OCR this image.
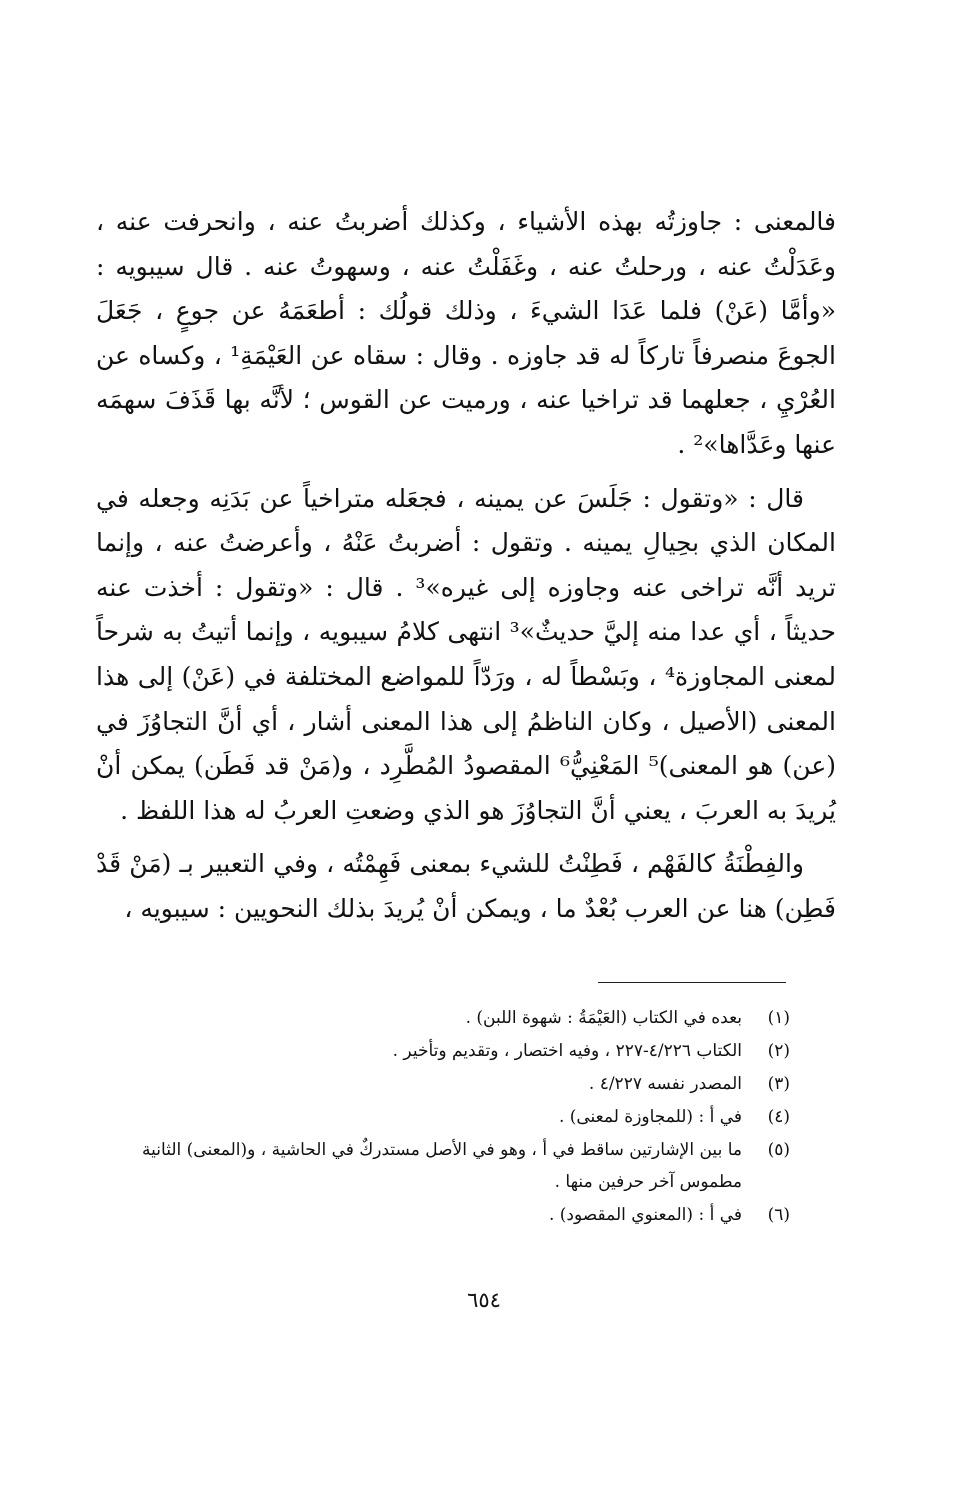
فالمعنى : جاوزتُه بهذه الأشياء ، وكذلك أضربتُ عنه ، وانحرفت عنه ، وعَدَلْتُ عنه ، ورحلتُ عنه ، وغَفَلْتُ عنه ، وسهوتُ عنه . قال سيبويه : «وأمَّا (عَنْ) فلما عَدَا الشيءَ ، وذلك قولُك : أطعَمَهُ عن جوعٍ ، جَعَلَ الجوعَ منصرفاً تاركاً له قد جاوزه . وقال : سقاه عن العَيْمَةِ¹ ، وكساه عن العُرْيِ ، جعلهما قد تراخيا عنه ، ورميت عن القوس ؛ لأنَّه بها قَذَفَ سهمَه عنها وعَدَّاها»² .

قال : «وتقول : جَلَسَ عن يمينه ، فجعَله متراخياً عن بَدَنِه وجعله في المكان الذي بحِيالِ يمينه . وتقول : أضربتُ عَنْهُ ، وأعرضتُ عنه ، وإنما تريد أنَّه تراخى عنه وجاوزه إلى غيره»³ . قال : «وتقول : أخذت عنه حديثاً ، أي عدا منه إليَّ حديثٌ»³ انتهى كلامُ سيبويه ، وإنما أتيتُ به شرحاً لمعنى المجاوزة⁴ ، وبَسْطاً له ، ورَدّاً للمواضع المختلفة في (عَنْ) إلى هذا المعنى (الأصيل ، وكان الناظمُ إلى هذا المعنى أشار ، أي أنَّ التجاوُزَ في (عن) هو المعنى)⁵ المَعْنِيُّ⁶ المقصودُ المُطَّرِد ، و(مَنْ قد فَطَن) يمكن أنْ يُريدَ به العربَ ، يعني أنَّ التجاوُزَ هو الذي وضعتِ العربُ له هذا اللفظ .

والفِطْنَةُ كالفَهْم ، فَطِنْتُ للشيء بمعنى فَهِمْتُه ، وفي التعبير بـ (مَنْ قَدْ فَطِن) هنا عن العرب بُعْدٌ ما ، ويمكن أنْ يُريدَ بذلك النحويين : سيبويه ،

(١)
بعده في الكتاب (العَيْمَةُ : شهوة اللبن) .
(٢)
الكتاب ٤/٢٢٦-٢٢٧ ، وفيه اختصار ، وتقديم وتأخير .
(٣)
المصدر نفسه ٤/٢٢٧ .
(٤)
في أ : (للمجاوزة لمعنى) .
(٥)
ما بين الإشارتين ساقط في أ ، وهو في الأصل مستدركٌ في الحاشية ، و(المعنى) الثانية مطموس آخر حرفين منها .
(٦)
في أ : (المعنوي المقصود) .
٦٥٤
